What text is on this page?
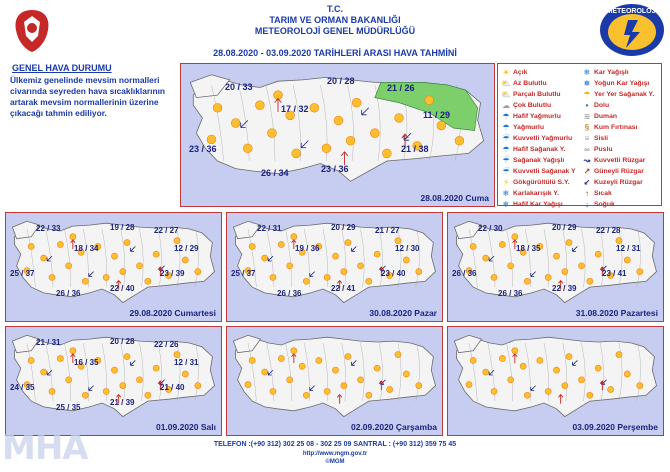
T.C.
TARIM VE ORMAN BAKANLIĞI
METEOROLOJİ GENEL MÜDÜRLÜĞÜ
28.08.2020 - 03.09.2020 TARİHLERİ ARASI HAVA TAHMİNİ
METEOROLOJİ
GENEL HAVA DURUMU
Ülkemiz genelinde mevsim normalleri civarında seyreden hava sıcaklıklarının artarak mevsim normallerinin üzerine çıkacağı tahmin ediliyor.
20 / 33
20 / 28
21 / 26
17 / 32
11 / 29
23 / 36	21 / 38
23 / 36
26 / 34
28.08.2020 Cuma
☀ Açık
⛅ Az Bulutlu
⛅ Parçalı Bulutlu
☁ Çok Bulutlu
☂ Hafif Yağmurlu
☂ Yağmurlu
☔ Kuvvetli Yağmurlu
☂ Hafif Sağanak Y.
☔ Sağanak Yağışlı
☔ Kuvvetli Sağanak Y
⚡ Gökgürültülü S.Y.
❄ Karlakarışık Y.
❄ Hafif Kar Yağışı
❄ Kar Yağışlı
❅ Yoğun Kar Yağışı
☂ Yer Yer Sağanak Y.
• Dolu
≋ Duman
§ Kum Fırtınası
≡ Sisli
∞ Puslu
↝ Kuvvetli Rüzgar
↗ Güneyli Rüzgar
↙ Kuzeyli Rüzgar
↑ Sıcak
↓ Soğuk
22 / 33	19 / 28 22 / 27
18 / 34	12 / 29
25 / 37	23 / 39
26 / 36
22 / 40
29.08.2020 Cumartesi
22 / 31	20 / 29 21 / 27
19 / 36	12 / 30
25 / 37	23 / 40
26 / 36
22 / 41
30.08.2020 Pazar
22 / 30	20 / 29 22 / 28
18 / 35	12 / 31
26 / 36	23 / 41
26 / 36
22 / 39
31.08.2020 Pazartesi
21 / 31	20 / 28 22 / 26
16 / 35	12 / 31
24 / 35	21 / 40
25 / 35
21 / 39
01.09.2020 Salı	02.09.2020 Çarşamba	03.09.2020 Perşembe
MHA	TELEFON :(+90 312) 302 25 08 - 302 25 09 SANTRAL : (+90 312) 359 75 45
http://www.mgm.gov.tr
©MGM
